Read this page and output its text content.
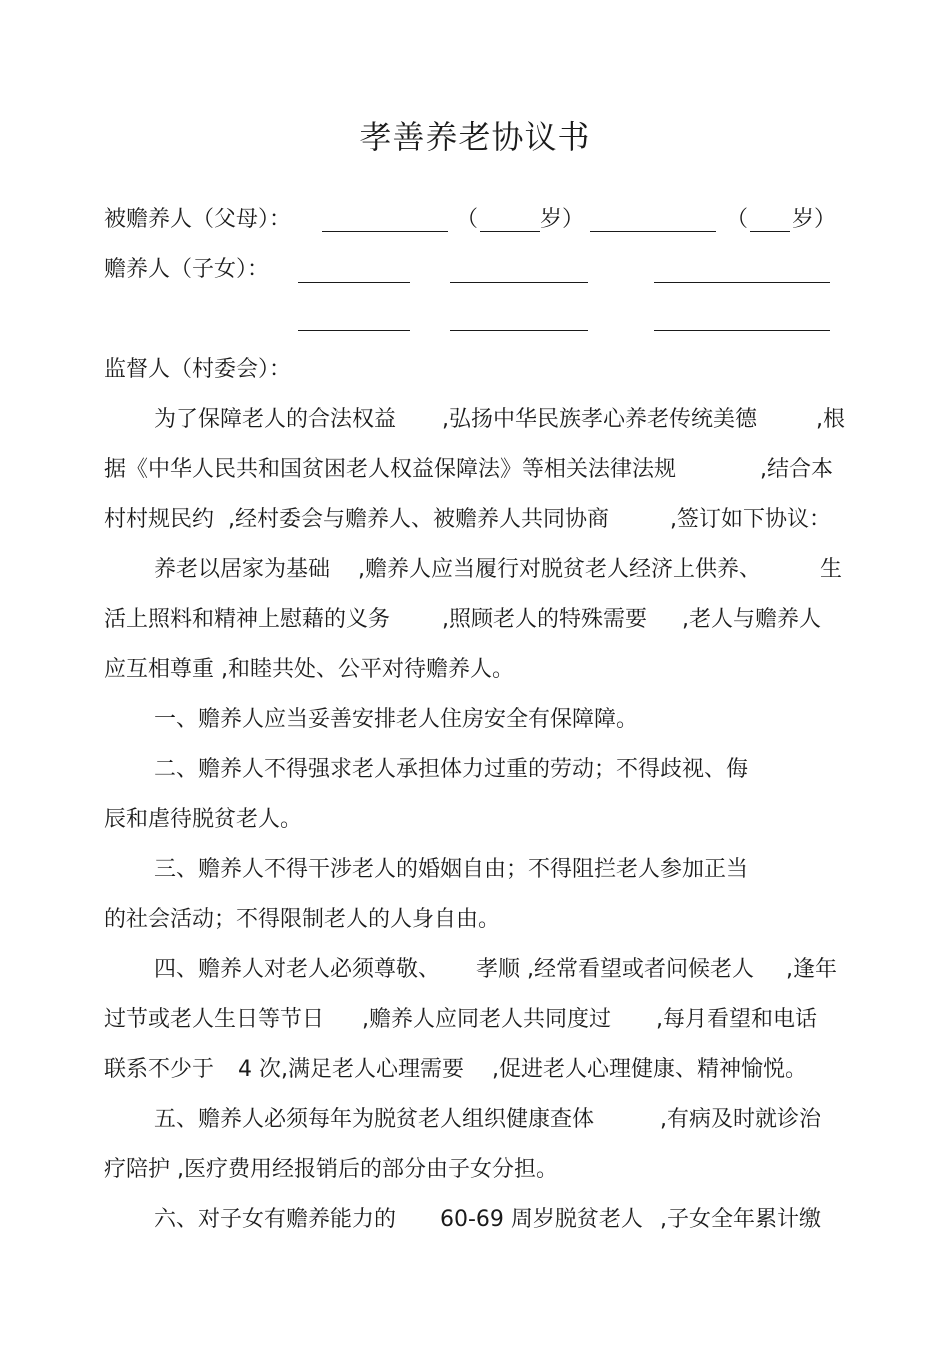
孝善养老协议书
被赡养人（父母）：	（	岁）	（ 岁）
赡养人（子女）：
监督人（村委会）：
为了保障老人的合法权益 ,弘扬中华民族孝心养老传统美德	,根
据《中华人民共和国贫困老人权益保障法》等相关法律法规	,结合本
村村规民约 ,经村委会与赡养人、被赡养人共同协商	,签订如下协议：
养老以居家为基础 ,赡养人应当履行对脱贫老人经济上供养、	生
活上照料和精神上慰藉的义务 ,照顾老人的特殊需要 ,老人与赡养人
应互相尊重 ,和睦共处、公平对待赡养人。
一、赡养人应当妥善安排老人住房安全有保障障。
二、赡养人不得强求老人承担体力过重的劳动；不得歧视、侮
辰和虐待脱贫老人。
三、赡养人不得干涉老人的婚姻自由；不得阻拦老人参加正当
的社会活动；不得限制老人的人身自由。
四、赡养人对老人必须尊敬、 孝顺 ,经常看望或者问候老人 ,逢年
过节或老人生日等节日 ,赡养人应同老人共同度过 ,每月看望和电话
联系不少于 4 次,满足老人心理需要 ,促进老人心理健康、精神愉悦。
五、赡养人必须每年为脱贫老人组织健康查体	,有病及时就诊治
疗陪护 ,医疗费用经报销后的部分由子女分担。
六、对子女有赡养能力的 60-69 周岁脱贫老人 ,子女全年累计缴
